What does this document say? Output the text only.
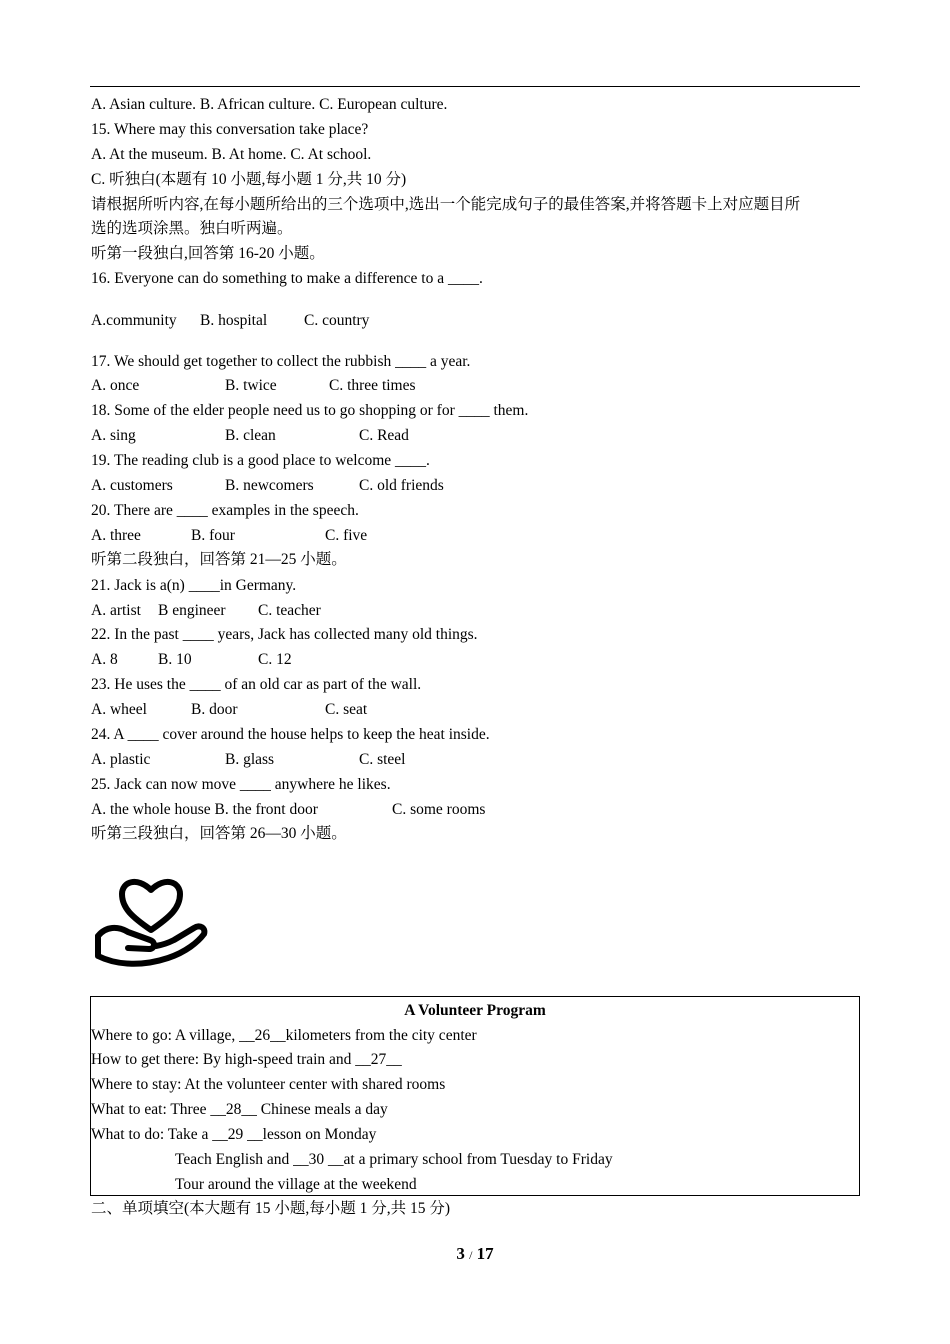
A. Asian culture. B. African culture. C. European culture.
15. Where may this conversation take place?
A. At the museum. B. At home. C. At school.
C. 听独白(本题有 10 小题,每小题 1 分,共 10 分)
请根据所听内容,在每小题所给出的三个选项中,选出一个能完成句子的最佳答案,并将答题卡上对应题目所
选的选项涂黑。独白听两遍。
听第一段独白,回答第 16-20 小题。
16. Everyone can do something to make a difference to a ____.
A.community B. hospital C. country
17. We should get together to collect the rubbish ____ a year.
A. once	B. twice	C. three times
18. Some of the elder people need us to go shopping or for ____ them.
A. sing	B. clean	C. Read
19. The reading club is a good place to welcome ____.
A. customers	B. newcomers	C. old friends
20. There are ____ examples in the speech.
A. three	B. four	C. five
听第二段独白，回答第 21—25 小题。
21. Jack is a(n) ____in Germany.
A. artist B engineer C. teacher
22. In the past ____ years, Jack has collected many old things.
A. 8	B. 10	C. 12
23. He uses the ____ of an old car as part of the wall.
A. wheel	B. door	C. seat
24. A ____ cover around the house helps to keep the heat inside.
A. plastic	B. glass	C. steel
25. Jack can now move ____ anywhere he likes.
A. the whole house B. the front door	C. some rooms
听第三段独白，回答第 26—30 小题。
A Volunteer Program
Where to go: A village, __26__kilometers from the city center
How to get there: By high-speed train and __27__
Where to stay: At the volunteer center with shared rooms
What to eat: Three __28__ Chinese meals a day
What to do: Take a __29 __lesson on Monday
Teach English and __30 __at a primary school from Tuesday to Friday
Tour around the village at the weekend
二、单项填空(本大题有 15 小题,每小题 1 分,共 15 分)
3 / 17
